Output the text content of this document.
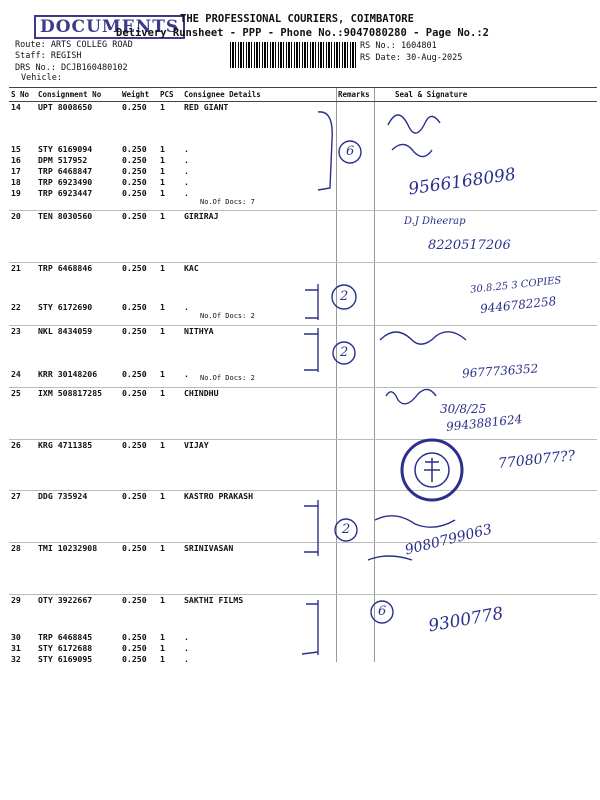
DOCUMENTS THE PROFESSIONAL COURIERS, COIMBATORE
Delivery Runsheet - PPP - Phone No.:9047080280 - Page No.:2
Route: ARTS COLLEG ROAD
Staff: REGISH
DRS No.: DCJB160480102
Vehicle:
RS No.: 1604801
RS Date: 30-Aug-2025
S No	Consignment No	Weight	PCS	Consignee Details	Remarks	Seal & Signature
14	UPT 8008650	0.250	1	RED GIANT		
15	STY 6169094	0.250	1	.		
16	DPM 517952	0.250	1	.		
17	TRP 6468847	0.250	1	.		
18	TRP 6923490	0.250	1	.		
19	TRP 6923447	0.250	1	.		
20	TEN 8030560	0.250	1	GIRIRAJ		
21	TRP 6468846	0.250	1	KAC		
22	STY 6172690	0.250	1	.		
23	NKL 8434059	0.250	1	NITHYA		
24	KRR 30148206	0.250	1	.		
25	IXM 508817285	0.250	1	CHINDHU		
26	KRG 4711385	0.250	1	VIJAY		
27	DDG 735924	0.250	1	KASTRO PRAKASH		
28	TMI 10232908	0.250	1	SRINIVASAN		
29	OTY 3922667	0.250	1	SAKTHI FILMS		
30	TRP 6468845	0.250	1	.		
31	STY 6172688	0.250	1	.		
32	STY 6169095	0.250	1	.		
No.Of Docs: 7
No.Of Docs: 2
No.Of Docs: 2
6
2
2
2
6
9566168098
D.J Dheerap
8220517206
30.8.25 3 COPIES
9446782258
9677736352
30/8/25
9943881624
7708077??
9080799063
9300778
